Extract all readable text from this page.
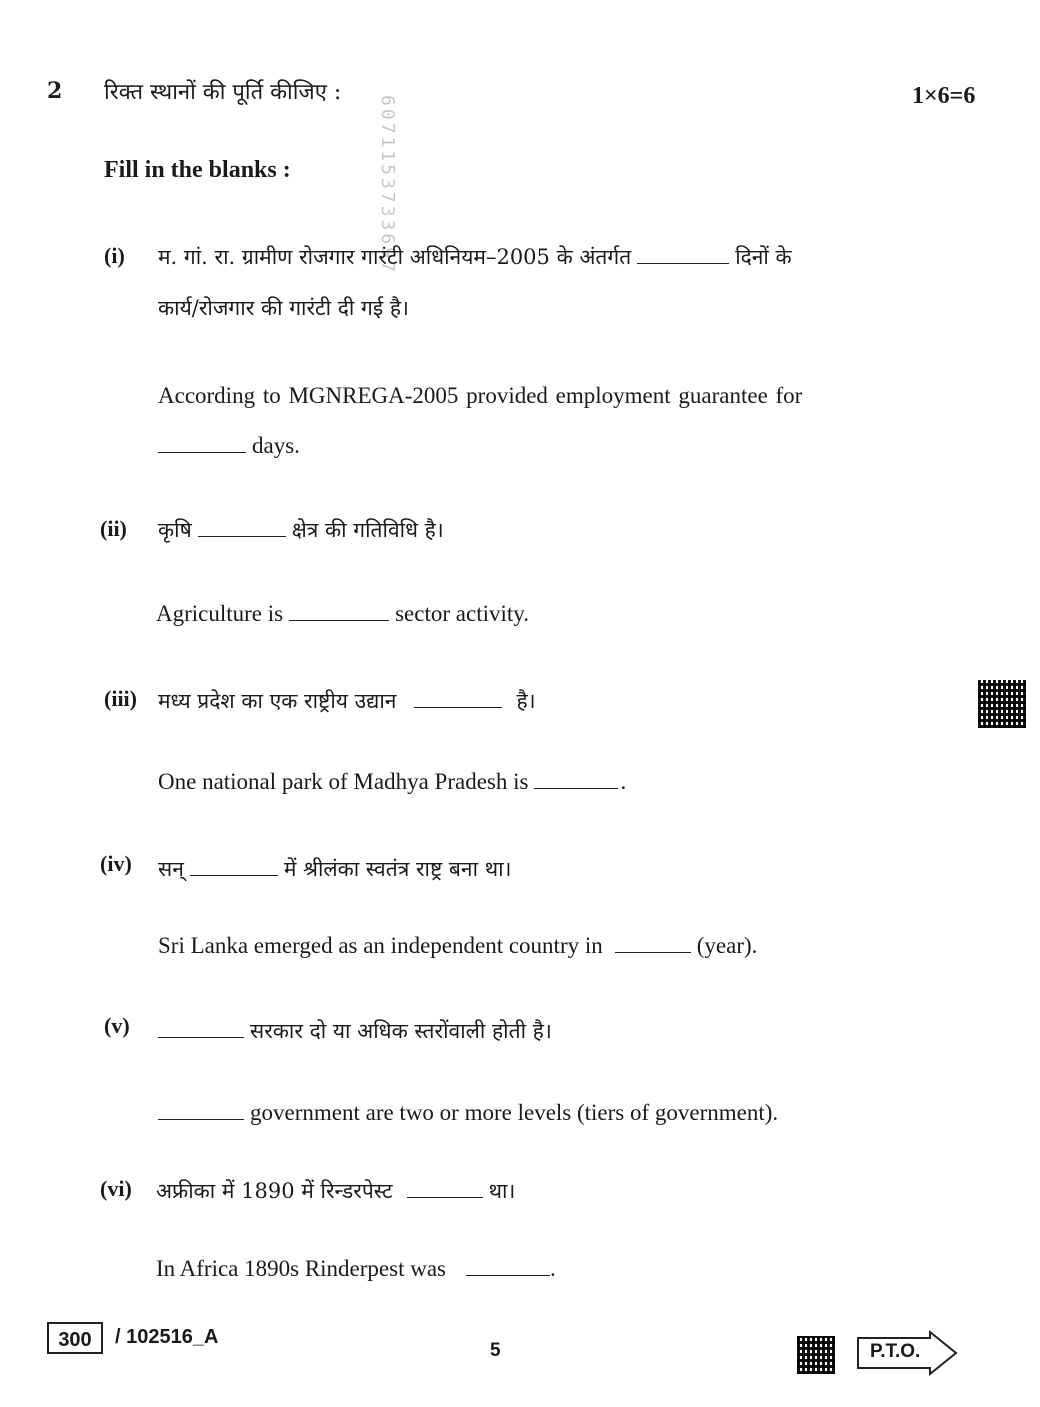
6071153733697
2 रिक्त स्थानों की पूर्ति कीजिए :	1×6=6
Fill in the blanks :
(i) म. गां. रा. ग्रामीण रोजगार गारंटी अधिनियम–2005 के अंतर्गत	दिनों के
कार्य/रोजगार की गारंटी दी गई है।
According to MGNREGA-2005 provided employment guarantee for
days.
(ii) कृषि	क्षेत्र की गतिविधि है।
Agriculture is	sector activity.
(iii) मध्य प्रदेश का एक राष्ट्रीय उद्यान	है।
One national park of Madhya Pradesh is	.
(iv) सन्	में श्रीलंका स्वतंत्र राष्ट्र बना था।
Sri Lanka emerged as an independent country in	(year).
(v)	सरकार दो या अधिक स्तरोंवाली होती है।
government are two or more levels (tiers of government).
(vi) अफ्रीका में 1890 में रिन्डरपेस्ट	था।
In Africa 1890s Rinderpest was	.
300	/ 102516_A
5	P.T.O.
